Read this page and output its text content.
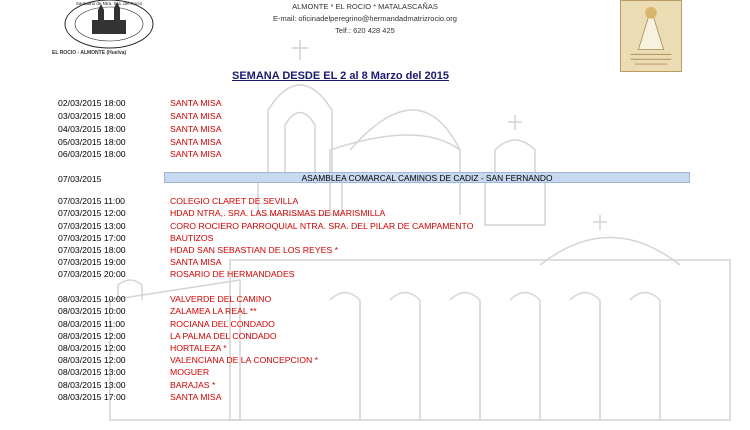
Santuario de Ntra. Sra. del Rocío
EL ROCIO - ALMONTE (Huelva)
ALMONTE * EL ROCIO * MATALASCAÑAS
E-mail: oficinadelperegrino@hermandadmatrizrocio.org
Telf.: 620 428 425
SEMANA DESDE EL 2 al 8 Marzo del 2015
02/03/2015 18:00	SANTA MISA
03/03/2015 18:00	SANTA MISA
04/03/2015 18:00	SANTA MISA
05/03/2015 18:00	SANTA MISA
06/03/2015 18:00	SANTA MISA
07/03/2015	ASAMBLEA COMARCAL CAMINOS DE CADIZ - SAN FERNANDO
07/03/2015 11:00	COLEGIO CLARET DE SEVILLA
07/03/2015 12:00	HDAD NTRA,. SRA. LAS MARISMAS DE MARISMILLA
07/03/2015 13:00	CORO ROCIERO PARROQUIAL NTRA. SRA. DEL PILAR DE CAMPAMENTO
07/03/2015 17:00	BAUTIZOS
07/03/2015 18:00	HDAD SAN SEBASTIAN DE LOS REYES *
07/03/2015 19:00	SANTA MISA
07/03/2015 20:00	ROSARIO DE HERMANDADES
08/03/2015 10:00	VALVERDE DEL CAMINO
08/03/2015 10:00	ZALAMEA LA REAL **
08/03/2015 11:00	ROCIANA DEL CONDADO
08/03/2015 12:00	LA PALMA DEL CONDADO
08/03/2015 12:00	HORTALEZA *
08/03/2015 12:00	VALENCIANA DE LA CONCEPCION *
08/03/2015 13:00	MOGUER
08/03/2015 13:00	BARAJAS *
08/03/2015 17:00	SANTA MISA
